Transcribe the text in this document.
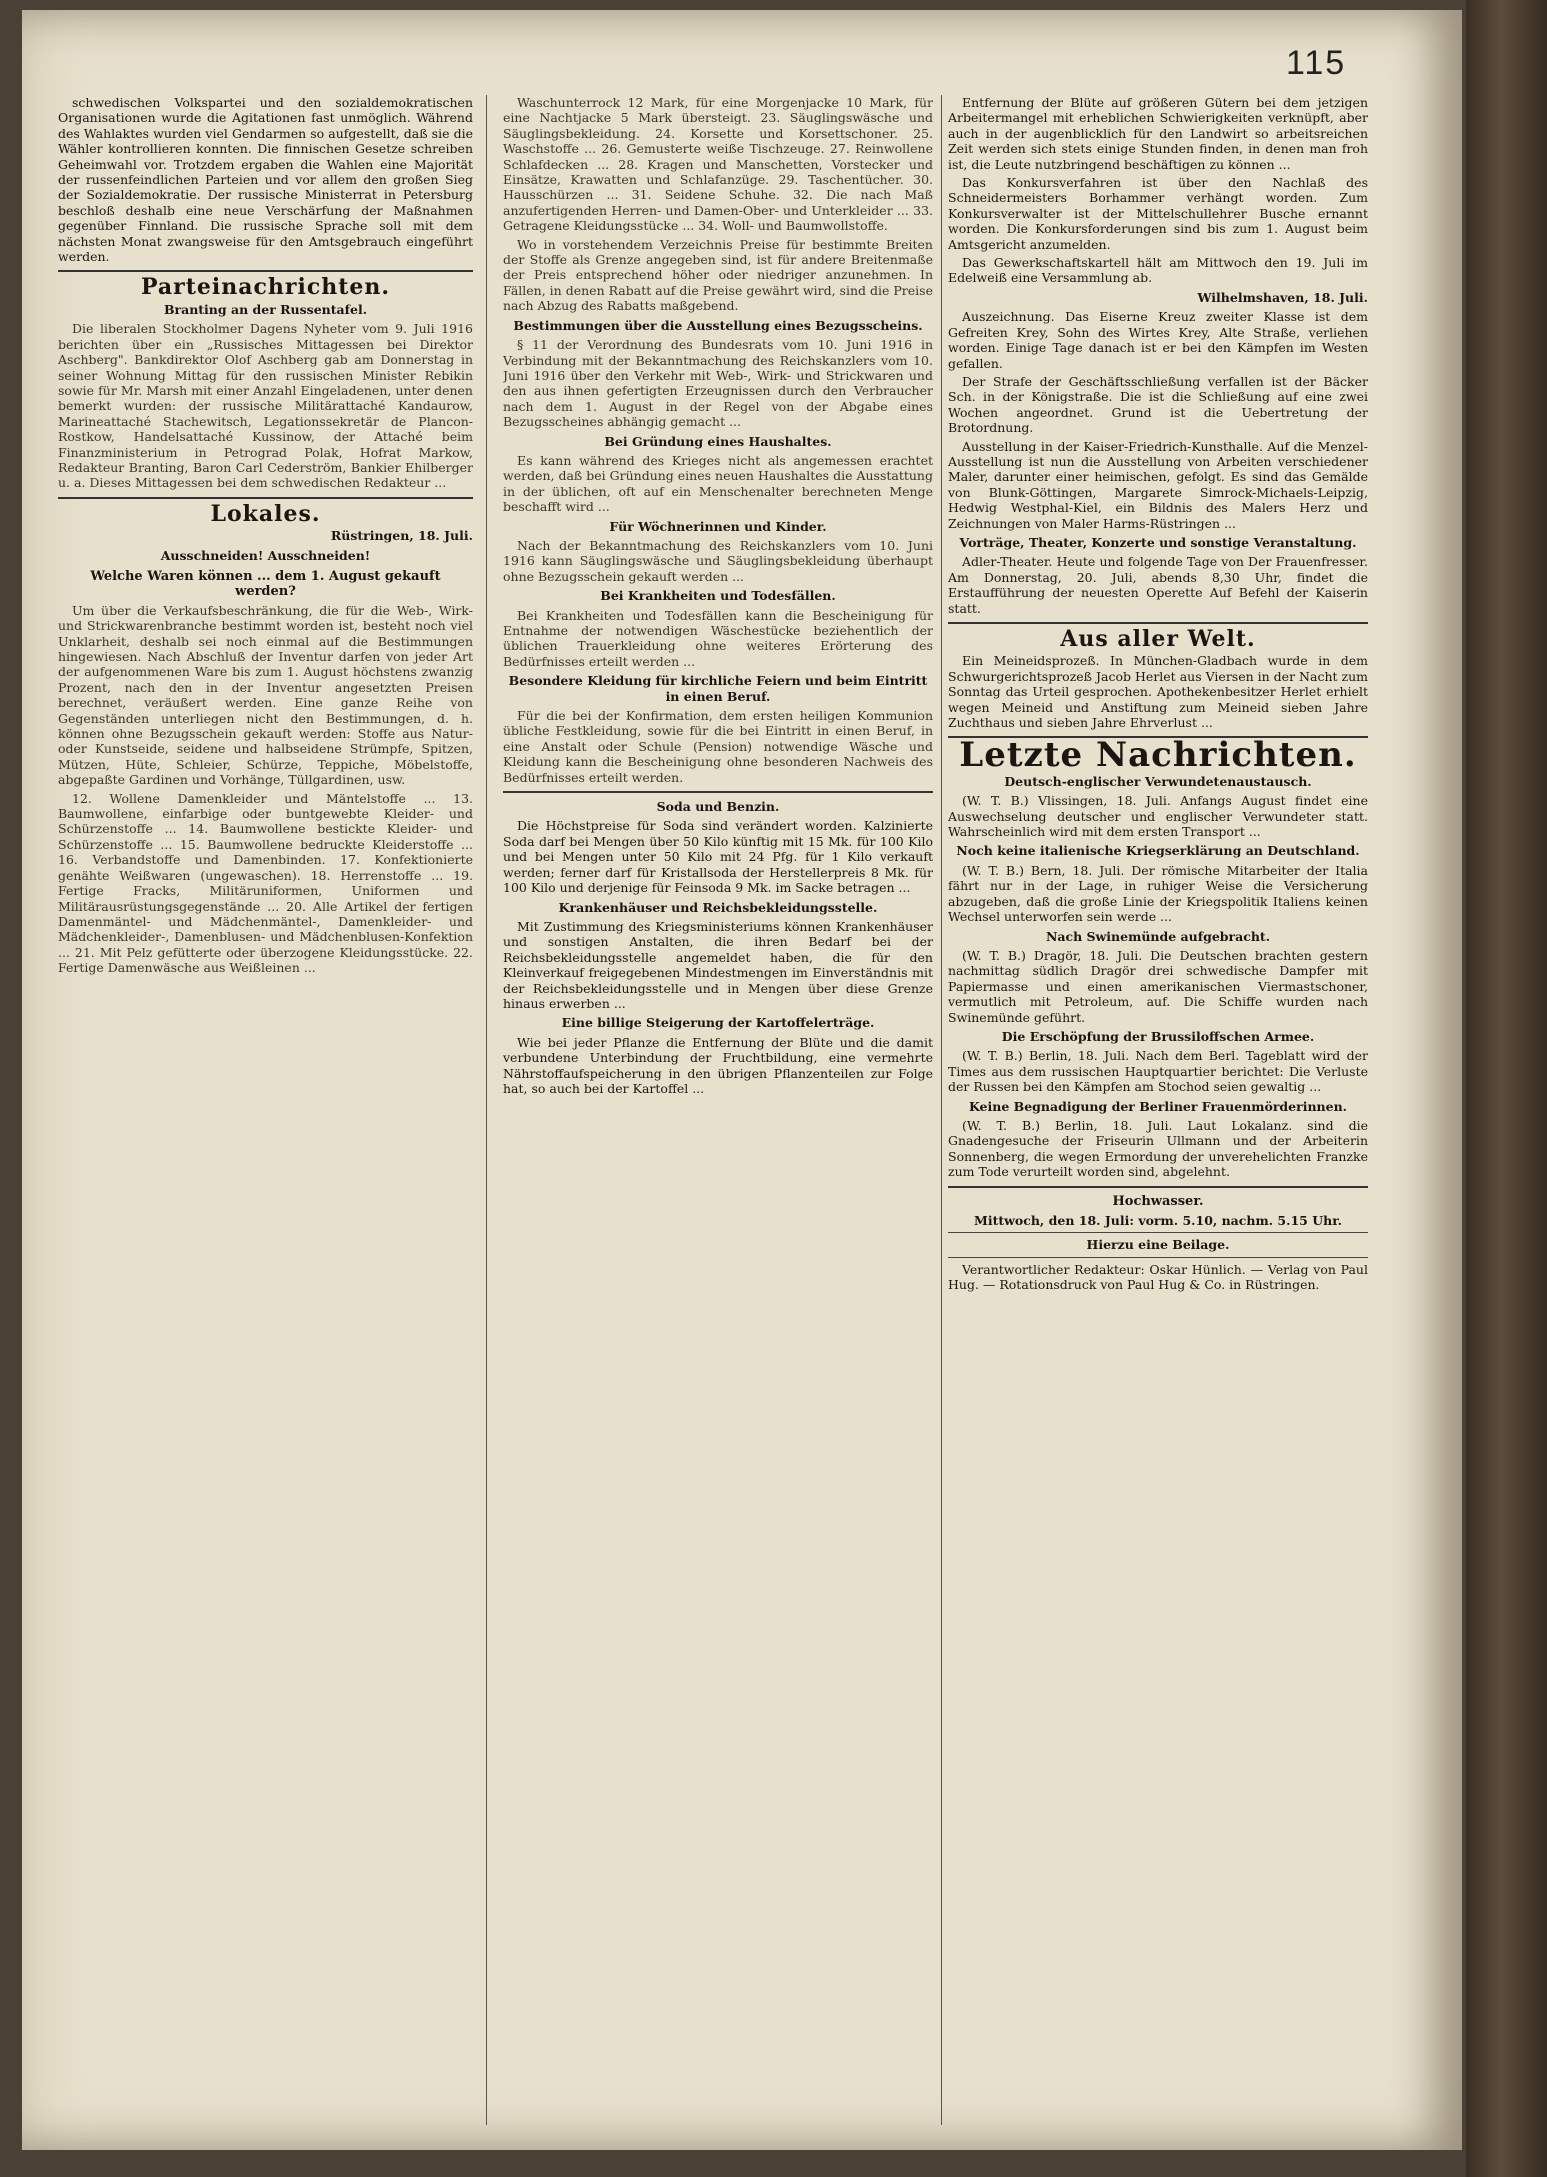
115

schwedischen Volkspartei und den sozialdemokratischen Organisationen wurde die Agitationen fast unmöglich. Während des Wahlaktes wurden viel Gendarmen so aufgestellt, daß sie die Wähler kontrollieren konnten. Die finnischen Gesetze schreiben Geheimwahl vor. Trotzdem ergaben die Wahlen eine Majorität der russenfeindlichen Parteien und vor allem den großen Sieg der Sozialdemokratie. Der russische Ministerrat in Petersburg beschloß deshalb eine neue Verschärfung der Maßnahmen gegenüber Finnland. Die russische Sprache soll mit dem nächsten Monat zwangsweise für den Amtsgebrauch eingeführt werden.

Parteinachrichten.
Branting an der Russentafel.

Die liberalen Stockholmer Dagens Nyheter vom 9. Juli 1916 berichten über ein „Russisches Mittagessen bei Direktor Aschberg". Bankdirektor Olof Aschberg gab am Donnerstag in seiner Wohnung Mittag für den russischen Minister Rebikin sowie für Mr. Marsh mit einer Anzahl Eingeladenen, unter denen bemerkt wurden: der russische Militärattaché Kandaurow, Marineattaché Stachewitsch, Legationssekretär de Plancon-Rostkow, Handelsattaché Kussinow, der Attaché beim Finanzministerium in Petrograd Polak, Hofrat Markow, Redakteur Branting, Baron Carl Cederström, Bankier Ehilberger u. a. Dieses Mittagessen bei dem schwedischen Redakteur ...

Lokales.
Rüstringen, 18. Juli.
Ausschneiden! Ausschneiden!
Welche Waren können ... dem 1. August gekauft werden?

Um über die Verkaufsbeschränkung, die für die Web-, Wirk- und Strickwarenbranche bestimmt worden ist, besteht noch viel Unklarheit, deshalb sei noch einmal auf die Bestimmungen hingewiesen. Nach Abschluß der Inventur darfen von jeder Art der aufgenommenen Ware bis zum 1. August höchstens zwanzig Prozent, nach den in der Inventur angesetzten Preisen berechnet, veräußert werden. Eine ganze Reihe von Gegenständen unterliegen nicht den Bestimmungen, d. h. können ohne Bezugsschein gekauft werden: Stoffe aus Natur- oder Kunstseide, seidene und halbseidene Strümpfe, Spitzen, Mützen, Hüte, Schleier, Schürze, Teppiche, Möbelstoffe, abgepaßte Gardinen und Vorhänge, Tüllgardinen, usw.

12. Wollene Damenkleider und Mäntelstoffe ... 13. Baumwollene, einfarbige oder buntgewebte Kleider- und Schürzenstoffe ... 14. Baumwollene bestickte Kleider- und Schürzenstoffe ... 15. Baumwollene bedruckte Kleiderstoffe ... 16. Verbandstoffe und Damenbinden. 17. Konfektionierte genähte Weißwaren (ungewaschen). 18. Herrenstoffe ... 19. Fertige Fracks, Militäruniformen, Uniformen und Militärausrüstungsgegenstände ... 20. Alle Artikel der fertigen Damenmäntel- und Mädchenmäntel-, Damenkleider- und Mädchenkleider-, Damenblusen- und Mädchenblusen-Konfektion ... 21. Mit Pelz gefütterte oder überzogene Kleidungsstücke. 22. Fertige Damenwäsche aus Weißleinen ...

Waschunterrock 12 Mark, für eine Morgenjacke 10 Mark, für eine Nachtjacke 5 Mark übersteigt. 23. Säuglingswäsche und Säuglingsbekleidung. 24. Korsette und Korsettschoner. 25. Waschstoffe ... 26. Gemusterte weiße Tischzeuge. 27. Reinwollene Schlafdecken ... 28. Kragen und Manschetten, Vorstecker und Einsätze, Krawatten und Schlafanzüge. 29. Taschentücher. 30. Hausschürzen ... 31. Seidene Schuhe. 32. Die nach Maß anzufertigenden Herren- und Damen-Ober- und Unterkleider ... 33. Getragene Kleidungsstücke ... 34. Woll- und Baumwollstoffe.

Wo in vorstehendem Verzeichnis Preise für bestimmte Breiten der Stoffe als Grenze angegeben sind, ist für andere Breitenmaße der Preis entsprechend höher oder niedriger anzunehmen. In Fällen, in denen Rabatt auf die Preise gewährt wird, sind die Preise nach Abzug des Rabatts maßgebend.

Bestimmungen über die Ausstellung eines Bezugsscheins.

§ 11 der Verordnung des Bundesrats vom 10. Juni 1916 in Verbindung mit der Bekanntmachung des Reichskanzlers vom 10. Juni 1916 über den Verkehr mit Web-, Wirk- und Strickwaren und den aus ihnen gefertigten Erzeugnissen durch den Verbraucher nach dem 1. August in der Regel von der Abgabe eines Bezugsscheines abhängig gemacht ...

Bei Gründung eines Haushaltes.

Es kann während des Krieges nicht als angemessen erachtet werden, daß bei Gründung eines neuen Haushaltes die Ausstattung in der üblichen, oft auf ein Menschenalter berechneten Menge beschafft wird ...

Für Wöchnerinnen und Kinder.

Nach der Bekanntmachung des Reichskanzlers vom 10. Juni 1916 kann Säuglingswäsche und Säuglingsbekleidung überhaupt ohne Bezugsschein gekauft werden ...

Bei Krankheiten und Todesfällen.

Bei Krankheiten und Todesfällen kann die Bescheinigung für Entnahme der notwendigen Wäschestücke beziehentlich der üblichen Trauerkleidung ohne weiteres Erörterung des Bedürfnisses erteilt werden ...

Besondere Kleidung für kirchliche Feiern und beim Eintritt in einen Beruf.

Für die bei der Konfirmation, dem ersten heiligen Kommunion übliche Festkleidung, sowie für die bei Eintritt in einen Beruf, in eine Anstalt oder Schule (Pension) notwendige Wäsche und Kleidung kann die Bescheinigung ohne besonderen Nachweis des Bedürfnisses erteilt werden.

Soda und Benzin.

Die Höchstpreise für Soda sind verändert worden. Kalzinierte Soda darf bei Mengen über 50 Kilo künftig mit 15 Mk. für 100 Kilo und bei Mengen unter 50 Kilo mit 24 Pfg. für 1 Kilo verkauft werden; ferner darf für Kristallsoda der Herstellerpreis 8 Mk. für 100 Kilo und derjenige für Feinsoda 9 Mk. im Sacke betragen ...

Krankenhäuser und Reichsbekleidungsstelle.

Mit Zustimmung des Kriegsministeriums können Krankenhäuser und sonstigen Anstalten, die ihren Bedarf bei der Reichsbekleidungsstelle angemeldet haben, die für den Kleinverkauf freigegebenen Mindestmengen im Einverständnis mit der Reichsbekleidungsstelle und in Mengen über diese Grenze hinaus erwerben ...

Eine billige Steigerung der Kartoffelerträge.

Wie bei jeder Pflanze die Entfernung der Blüte und die damit verbundene Unterbindung der Fruchtbildung, eine vermehrte Nährstoffaufspeicherung in den übrigen Pflanzenteilen zur Folge hat, so auch bei der Kartoffel ...

Entfernung der Blüte auf größeren Gütern bei dem jetzigen Arbeitermangel mit erheblichen Schwierigkeiten verknüpft, aber auch in der augenblicklich für den Landwirt so arbeitsreichen Zeit werden sich stets einige Stunden finden, in denen man froh ist, die Leute nutzbringend beschäftigen zu können ...

Das Konkursverfahren ist über den Nachlaß des Schneidermeisters Borhammer verhängt worden. Zum Konkursverwalter ist der Mittelschullehrer Busche ernannt worden. Die Konkursforderungen sind bis zum 1. August beim Amtsgericht anzumelden.

Das Gewerkschaftskartell hält am Mittwoch den 19. Juli im Edelweiß eine Versammlung ab.

Wilhelmshaven, 18. Juli.

Auszeichnung. Das Eiserne Kreuz zweiter Klasse ist dem Gefreiten Krey, Sohn des Wirtes Krey, Alte Straße, verliehen worden. Einige Tage danach ist er bei den Kämpfen im Westen gefallen.

Der Strafe der Geschäftsschließung verfallen ist der Bäcker Sch. in der Königstraße. Die ist die Schließung auf eine zwei Wochen angeordnet. Grund ist die Uebertretung der Brotordnung.

Ausstellung in der Kaiser-Friedrich-Kunsthalle. Auf die Menzel-Ausstellung ist nun die Ausstellung von Arbeiten verschiedener Maler, darunter einer heimischen, gefolgt. Es sind das Gemälde von Blunk-Göttingen, Margarete Simrock-Michaels-Leipzig, Hedwig Westphal-Kiel, ein Bildnis des Malers Herz und Zeichnungen von Maler Harms-Rüstringen ...

Vorträge, Theater, Konzerte und sonstige Veranstaltung.

Adler-Theater. Heute und folgende Tage von Der Frauenfresser. Am Donnerstag, 20. Juli, abends 8,30 Uhr, findet die Erstaufführung der neuesten Operette Auf Befehl der Kaiserin statt.

Aus aller Welt.

Ein Meineidsprozeß. In München-Gladbach wurde in dem Schwurgerichtsprozeß Jacob Herlet aus Viersen in der Nacht zum Sonntag das Urteil gesprochen. Apothekenbesitzer Herlet erhielt wegen Meineid und Anstiftung zum Meineid sieben Jahre Zuchthaus und sieben Jahre Ehrverlust ...

Letzte Nachrichten.
Deutsch-englischer Verwundetenaustausch.

(W. T. B.) Vlissingen, 18. Juli. Anfangs August findet eine Auswechselung deutscher und englischer Verwundeter statt. Wahrscheinlich wird mit dem ersten Transport ...

Noch keine italienische Kriegserklärung an Deutschland.

(W. T. B.) Bern, 18. Juli. Der römische Mitarbeiter der Italia fährt nur in der Lage, in ruhiger Weise die Versicherung abzugeben, daß die große Linie der Kriegspolitik Italiens keinen Wechsel unterworfen sein werde ...

Nach Swinemünde aufgebracht.

(W. T. B.) Dragör, 18. Juli. Die Deutschen brachten gestern nachmittag südlich Dragör drei schwedische Dampfer mit Papiermasse und einen amerikanischen Viermastschoner, vermutlich mit Petroleum, auf. Die Schiffe wurden nach Swinemünde geführt.

Die Erschöpfung der Brussiloffschen Armee.

(W. T. B.) Berlin, 18. Juli. Nach dem Berl. Tageblatt wird der Times aus dem russischen Hauptquartier berichtet: Die Verluste der Russen bei den Kämpfen am Stochod seien gewaltig ...

Keine Begnadigung der Berliner Frauenmörderinnen.

(W. T. B.) Berlin, 18. Juli. Laut Lokalanz. sind die Gnadengesuche der Friseurin Ullmann und der Arbeiterin Sonnenberg, die wegen Ermordung der unverehelichten Franzke zum Tode verurteilt worden sind, abgelehnt.

Hochwasser.
Mittwoch, den 18. Juli: vorm. 5.10, nachm. 5.15 Uhr.
Hierzu eine Beilage.

Verantwortlicher Redakteur: Oskar Hünlich. — Verlag von Paul Hug. — Rotationsdruck von Paul Hug & Co. in Rüstringen.
